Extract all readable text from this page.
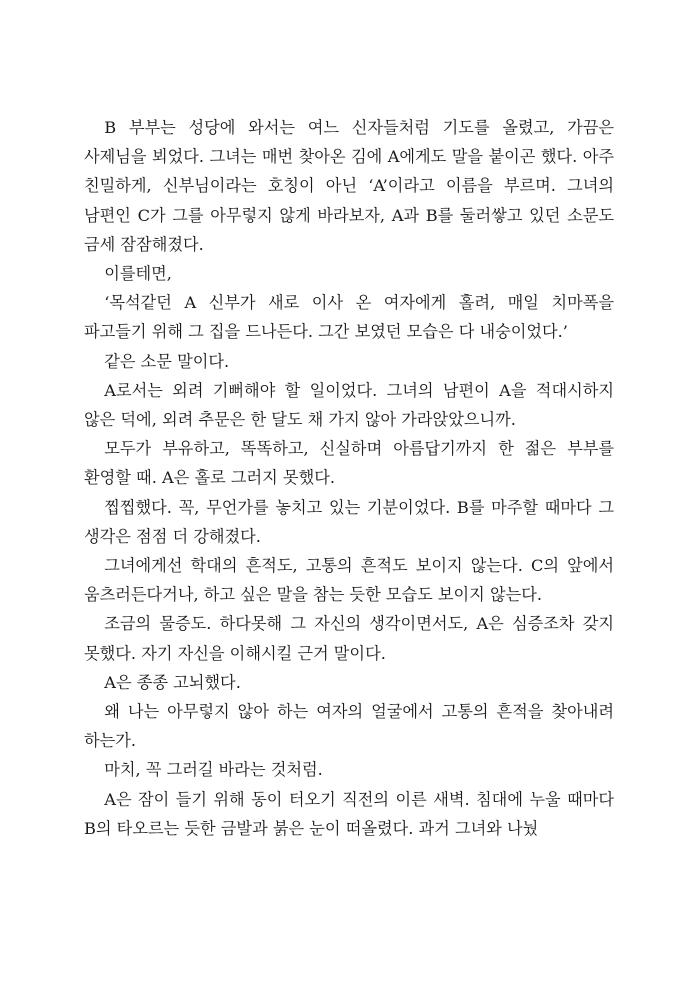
B 부부는 성당에 와서는 여느 신자들처럼 기도를 올렸고, 가끔은 사제님을 뵈었다. 그녀는 매번 찾아온 김에 A에게도 말을 붙이곤 했다. 아주 친밀하게, 신부님이라는 호칭이 아닌 ‘A’이라고 이름을 부르며. 그녀의 남편인 C가 그를 아무렇지 않게 바라보자, A과 B를 둘러쌓고 있던 소문도 금세 잠잠해졌다.

이를테면,

‘목석같던 A 신부가 새로 이사 온 여자에게 홀려, 매일 치마폭을 파고들기 위해 그 집을 드나든다. 그간 보였던 모습은 다 내숭이었다.’

같은 소문 말이다.

A로서는 외려 기뻐해야 할 일이었다. 그녀의 남편이 A을 적대시하지 않은 덕에, 외려 추문은 한 달도 채 가지 않아 가라앉았으니까.

모두가 부유하고, 똑똑하고, 신실하며 아름답기까지 한 젊은 부부를 환영할 때. A은 홀로 그러지 못했다.

찝찝했다. 꼭, 무언가를 놓치고 있는 기분이었다. B를 마주할 때마다 그 생각은 점점 더 강해졌다.

그녀에게선 학대의 흔적도, 고통의 흔적도 보이지 않는다. C의 앞에서 움츠러든다거나, 하고 싶은 말을 참는 듯한 모습도 보이지 않는다.

조금의 물증도. 하다못해 그 자신의 생각이면서도, A은 심증조차 갖지 못했다. 자기 자신을 이해시킬 근거 말이다.

A은 종종 고뇌했다.

왜 나는 아무렇지 않아 하는 여자의 얼굴에서 고통의 흔적을 찾아내려 하는가.

마치, 꼭 그러길 바라는 것처럼.

A은 잠이 들기 위해 동이 터오기 직전의 이른 새벽. 침대에 누울 때마다 B의 타오르는 듯한 금발과 붉은 눈이 떠올렸다. 과거 그녀와 나눴
